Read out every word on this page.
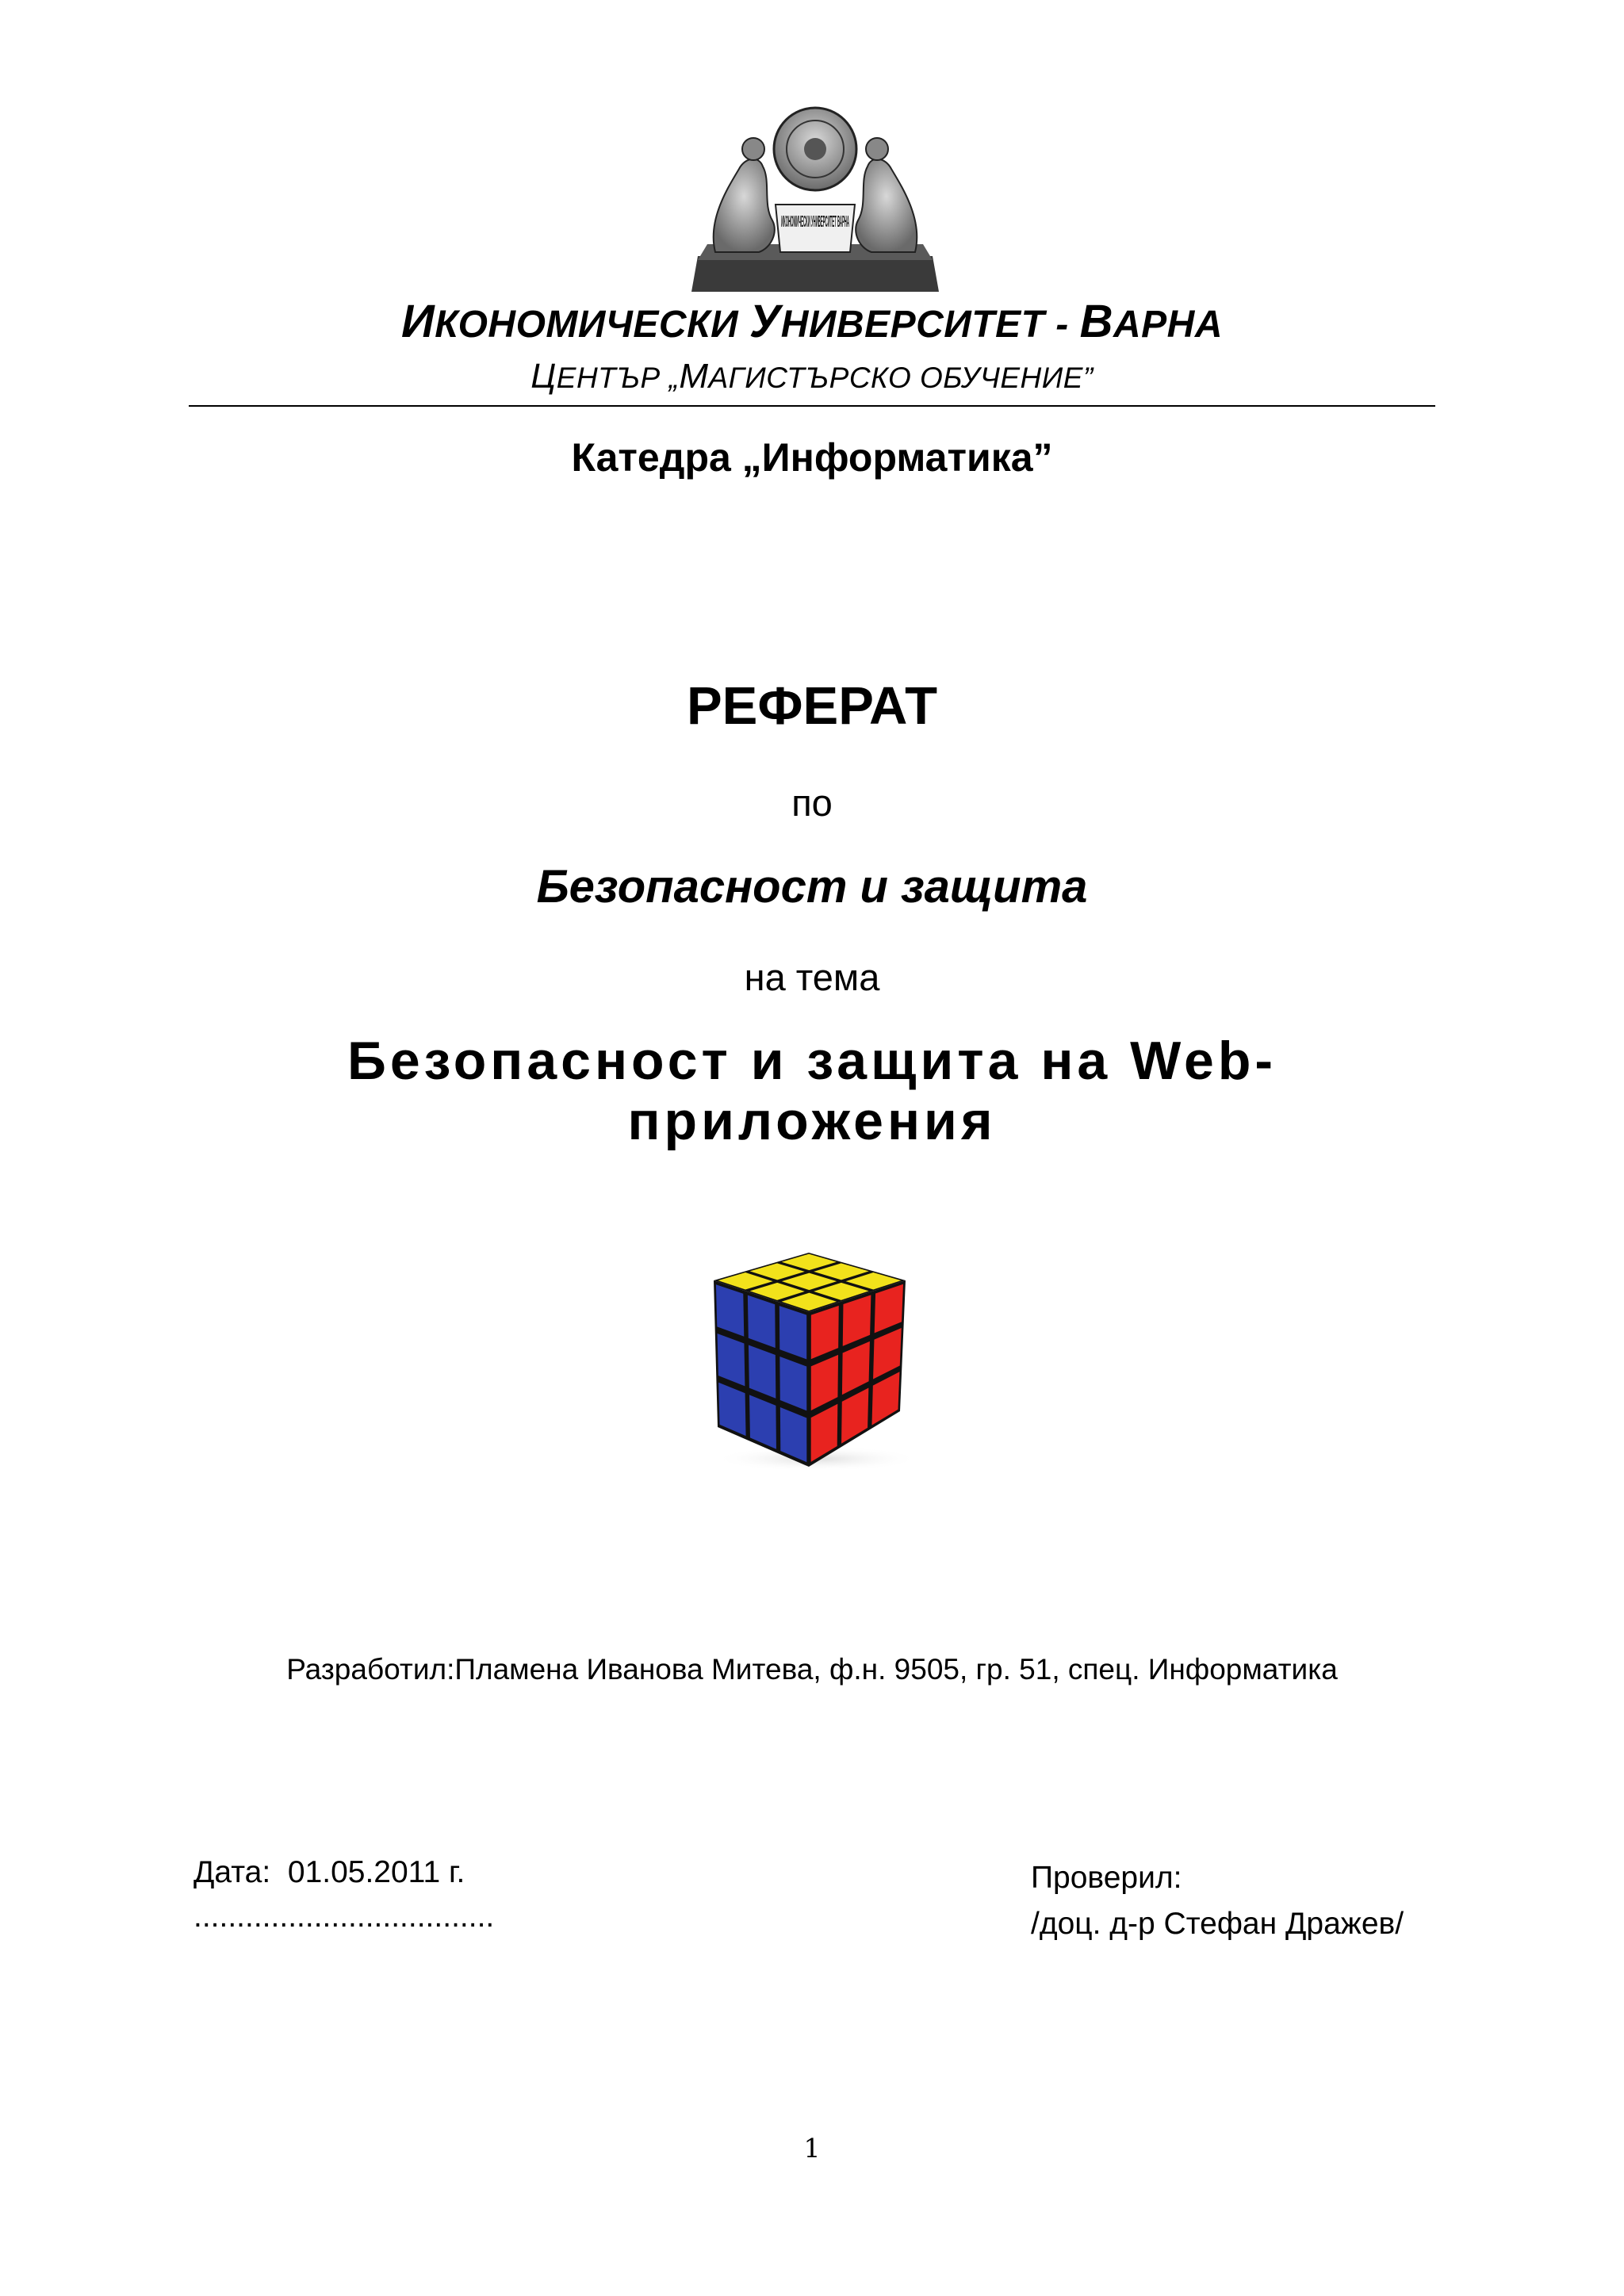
ИКОНОМИЧЕСКИ УНИВЕРСИТЕТ ВАРНА
ИКОНОМИЧЕСКИ УНИВЕРСИТЕТ - ВАРНА
ЦЕНТЪР „МАГИСТЪРСКО ОБУЧЕНИЕ”
Катедра „Информатика”
РЕФЕРАТ
по
Безопасност и защита
на тема
Безопасност и защита на Web-
приложения
Разработил:Пламена Иванова Митева, ф.н. 9505, гр. 51, спец. Информатика
Дата: 01.05.2011 г.
...................................
Проверил:
/доц. д-р Стефан Дражев/
1
